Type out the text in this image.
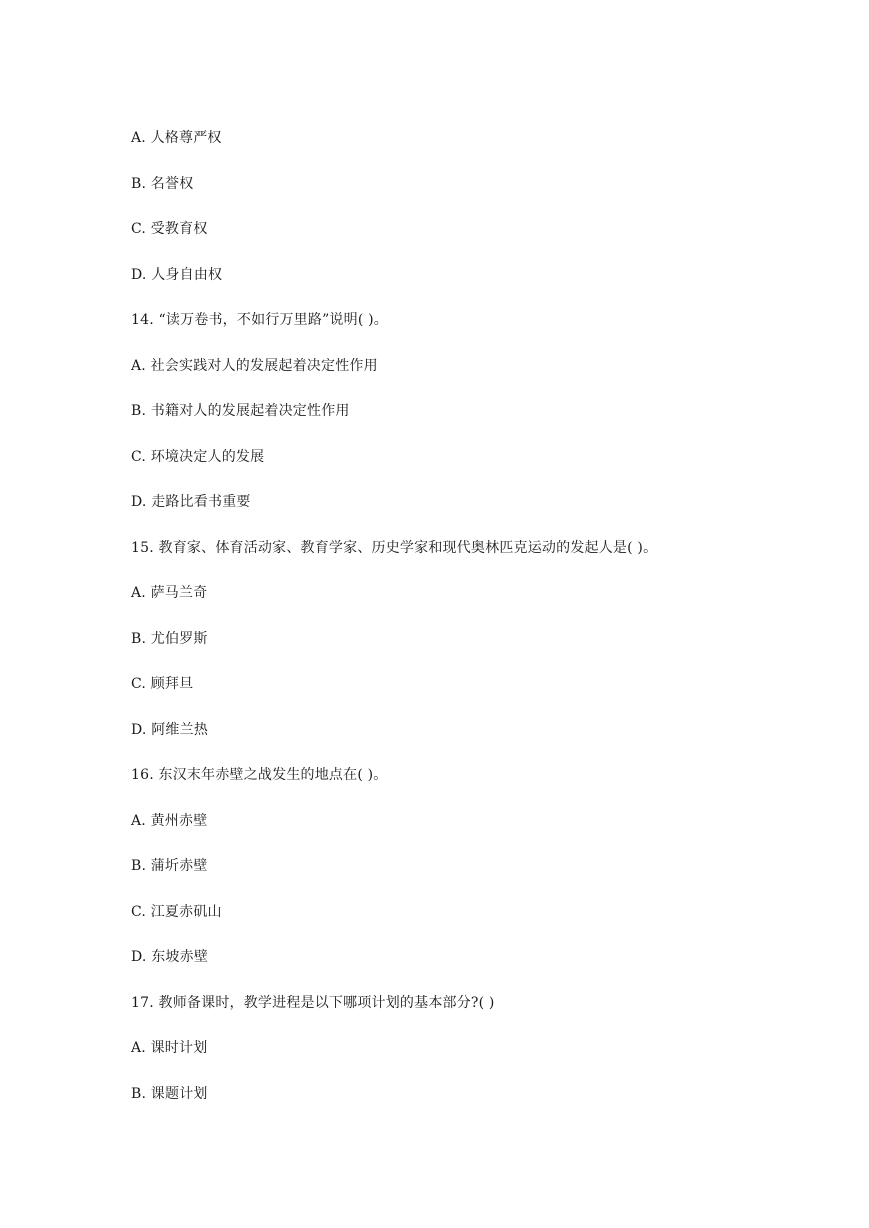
A. 人格尊严权
B. 名誉权
C. 受教育权
D. 人身自由权
14. “读万卷书，不如行万里路”说明( )。
A. 社会实践对人的发展起着决定性作用
B. 书籍对人的发展起着决定性作用
C. 环境决定人的发展
D. 走路比看书重要
15. 教育家、体育活动家、教育学家、历史学家和现代奥林匹克运动的发起人是( )。
A. 萨马兰奇
B. 尤伯罗斯
C. 顾拜旦
D. 阿维兰热
16. 东汉末年赤壁之战发生的地点在( )。
A. 黄州赤壁
B. 蒲圻赤壁
C. 江夏赤矶山
D. 东坡赤壁
17. 教师备课时，教学进程是以下哪项计划的基本部分?( )
A. 课时计划
B. 课题计划
